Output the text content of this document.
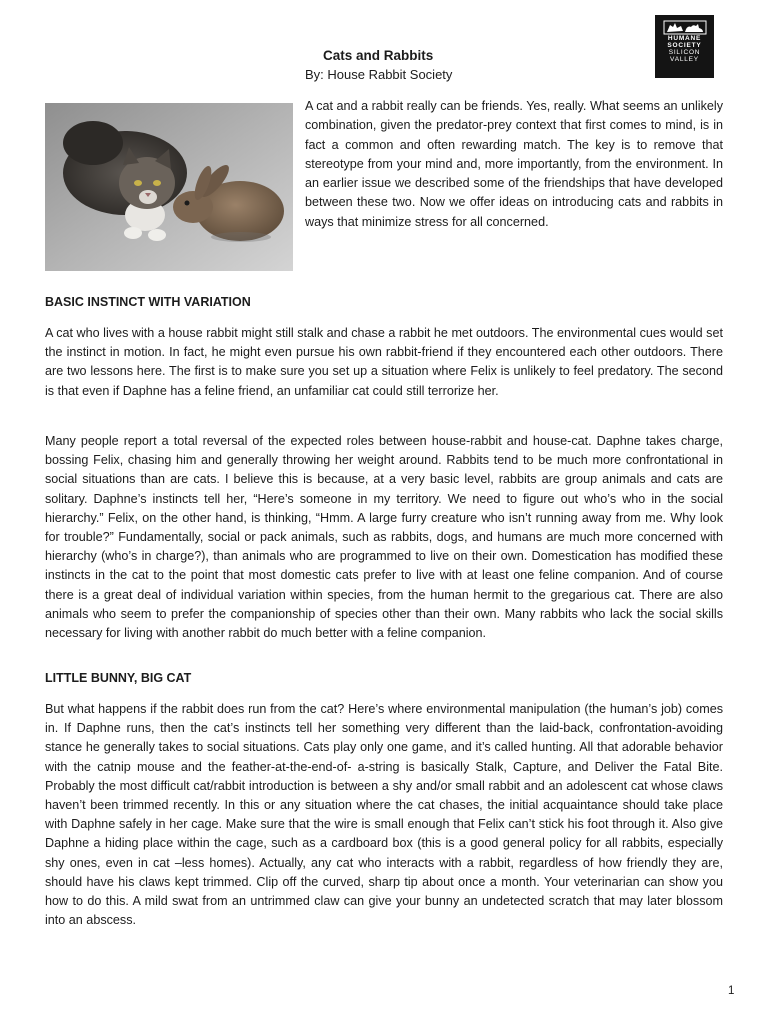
HUMANE
SOCIETY
SILICON
VALLEY
Cats and Rabbits

By: House Rabbit Society

A cat and a rabbit really can be friends. Yes, really. What seems an unlikely combination, given the predator-prey context that first comes to mind, is in fact a common and often rewarding match. The key is to remove that stereotype from your mind and, more importantly, from the environment. In an earlier issue we described some of the friendships that have developed between these two. Now we offer ideas on introducing cats and rabbits in ways that minimize stress for all concerned.

BASIC INSTINCT WITH VARIATION

A cat who lives with a house rabbit might still stalk and chase a rabbit he met outdoors. The environmental cues would set the instinct in motion. In fact, he might even pursue his own rabbit-friend if they encountered each other outdoors. There are two lessons here. The first is to make sure you set up a situation where Felix is unlikely to feel predatory. The second is that even if Daphne has a feline friend, an unfamiliar cat could still terrorize her.

Many people report a total reversal of the expected roles between house-rabbit and house-cat. Daphne takes charge, bossing Felix, chasing him and generally throwing her weight around. Rabbits tend to be much more confrontational in social situations than are cats. I believe this is because, at a very basic level, rabbits are group animals and cats are solitary. Daphne’s instincts tell her, “Here’s someone in my territory. We need to figure out who’s who in the social hierarchy.” Felix, on the other hand, is thinking, “Hmm. A large furry creature who isn’t running away from me. Why look for trouble?” Fundamentally, social or pack animals, such as rabbits, dogs, and humans are much more concerned with hierarchy (who’s in charge?), than animals who are programmed to live on their own. Domestication has modified these instincts in the cat to the point that most domestic cats prefer to live with at least one feline companion. And of course there is a great deal of individual variation within species, from the human hermit to the gregarious cat. There are also animals who seem to prefer the companionship of species other than their own. Many rabbits who lack the social skills necessary for living with another rabbit do much better with a feline companion.

LITTLE BUNNY, BIG CAT

But what happens if the rabbit does run from the cat? Here’s where environmental manipulation (the human’s job) comes in. If Daphne runs, then the cat’s instincts tell her something very different than the laid-back, confrontation-avoiding stance he generally takes to social situations. Cats play only one game, and it’s called hunting. All that adorable behavior with the catnip mouse and the feather-at-the-end-of- a-string is basically Stalk, Capture, and Deliver the Fatal Bite. Probably the most difficult cat/rabbit introduction is between a shy and/or small rabbit and an adolescent cat whose claws haven’t been trimmed recently. In this or any situation where the cat chases, the initial acquaintance should take place with Daphne safely in her cage. Make sure that the wire is small enough that Felix can’t stick his foot through it. Also give Daphne a hiding place within the cage, such as a cardboard box (this is a good general policy for all rabbits, especially shy ones, even in cat –less homes). Actually, any cat who interacts with a rabbit, regardless of how friendly they are, should have his claws kept trimmed. Clip off the curved, sharp tip about once a month. Your veterinarian can show you how to do this. A mild swat from an untrimmed claw can give your bunny an undetected scratch that may later blossom into an abscess.

1
